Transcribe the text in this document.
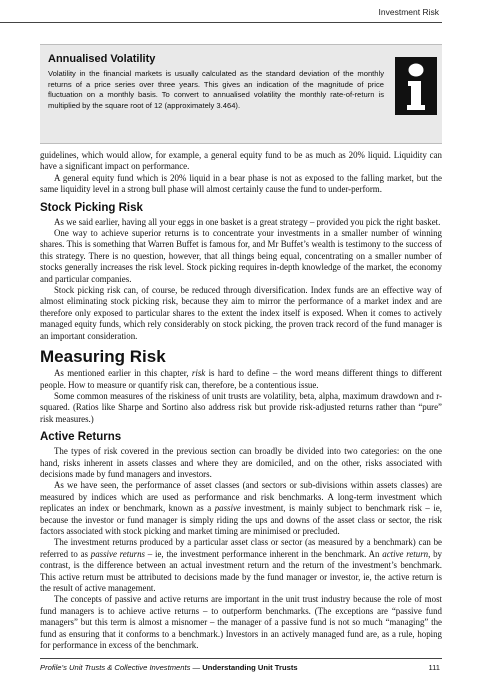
Investment Risk
Annualised Volatility
Volatility in the financial markets is usually calculated as the standard deviation of the monthly returns of a price series over three years. This gives an indication of the magnitude of price fluctuation on a monthly basis. To convert to annualised volatility the monthly rate-of-return is multiplied by the square root of 12 (approximately 3.464).

guidelines, which would allow, for example, a general equity fund to be as much as 20% liquid. Liquidity can have a significant impact on performance.

A general equity fund which is 20% liquid in a bear phase is not as exposed to the falling market, but the same liquidity level in a strong bull phase will almost certainly cause the fund to under-perform.

Stock Picking Risk

As we said earlier, having all your eggs in one basket is a great strategy – provided you pick the right basket.

One way to achieve superior returns is to concentrate your investments in a smaller number of winning shares. This is something that Warren Buffet is famous for, and Mr Buffet’s wealth is testimony to the success of this strategy. There is no question, however, that all things being equal, concentrating on a smaller number of stocks generally increases the risk level. Stock picking requires in-depth knowledge of the market, the economy and particular companies.

Stock picking risk can, of course, be reduced through diversification. Index funds are an effective way of almost eliminating stock picking risk, because they aim to mirror the performance of a market index and are therefore only exposed to particular shares to the extent the index itself is exposed. When it comes to actively managed equity funds, which rely considerably on stock picking, the proven track record of the fund manager is an important consideration.

Measuring Risk

As mentioned earlier in this chapter, risk is hard to define – the word means different things to different people. How to measure or quantify risk can, therefore, be a contentious issue.

Some common measures of the riskiness of unit trusts are volatility, beta, alpha, maximum drawdown and r-squared. (Ratios like Sharpe and Sortino also address risk but provide risk-adjusted returns rather than “pure” risk measures.)

Active Returns

The types of risk covered in the previous section can broadly be divided into two categories: on the one hand, risks inherent in assets classes and where they are domiciled, and on the other, risks associated with decisions made by fund managers and investors.

As we have seen, the performance of asset classes (and sectors or sub-divisions within assets classes) are measured by indices which are used as performance and risk benchmarks. A long-term investment which replicates an index or benchmark, known as a passive investment, is mainly subject to benchmark risk – ie, because the investor or fund manager is simply riding the ups and downs of the asset class or sector, the risk factors associated with stock picking and market timing are minimised or precluded.

The investment returns produced by a particular asset class or sector (as measured by a benchmark) can be referred to as passive returns – ie, the investment performance inherent in the benchmark. An active return, by contrast, is the difference between an actual investment return and the return of the investment’s benchmark. This active return must be attributed to decisions made by the fund manager or investor, ie, the active return is the result of active management.

The concepts of passive and active returns are important in the unit trust industry because the role of most fund managers is to achieve active returns – to outperform benchmarks. (The exceptions are “passive fund managers” but this term is almost a misnomer – the manager of a passive fund is not so much “managing” the fund as ensuring that it conforms to a benchmark.) Investors in an actively managed fund are, as a rule, hoping for performance in excess of the benchmark.

Profile’s Unit Trusts & Collective Investments — Understanding Unit Trusts	111
